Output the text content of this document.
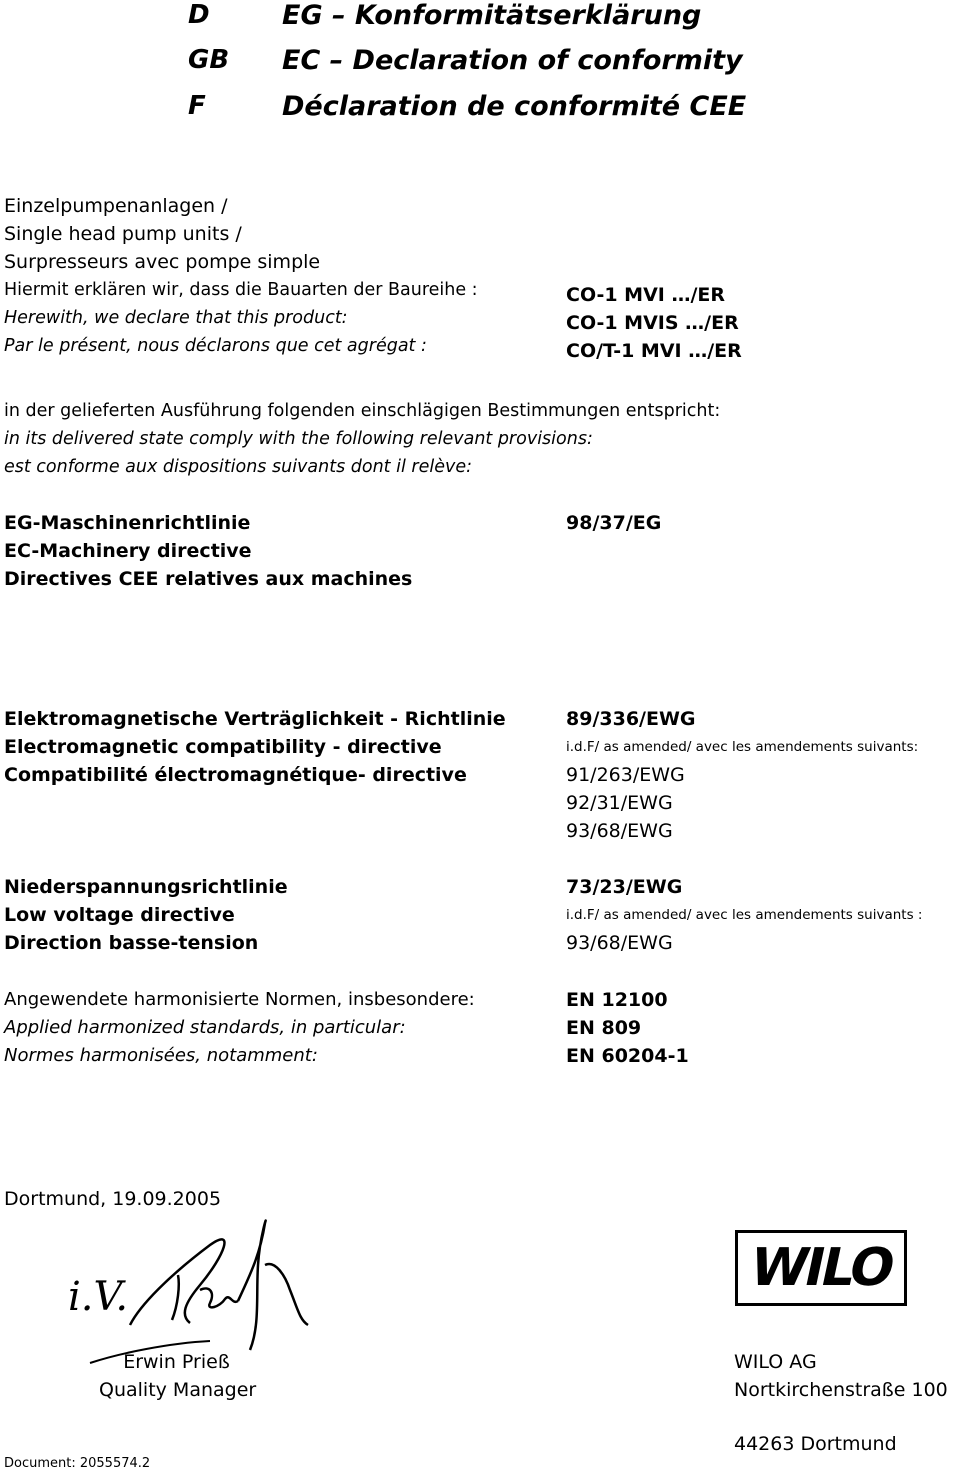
D	EG – Konformitätserklärung
GB EC – Declaration of conformity
F	Déclaration de conformité CEE
Einzelpumpenanlagen /
Single head pump units /
Surpresseurs avec pompe simple
Hiermit erklären wir, dass die Bauarten der Baureihe :
Herewith, we declare that this product:
Par le présent, nous déclarons que cet agrégat :
CO-1 MVI …/ER
CO-1 MVIS …/ER
CO/T-1 MVI …/ER
in der gelieferten Ausführung folgenden einschlägigen Bestimmungen entspricht:
in its delivered state comply with the following relevant provisions:
est conforme aux dispositions suivants dont il relève:
EG-Maschinenrichtlinie
EC-Machinery directive
Directives CEE relatives aux machines
98/37/EG
Elektromagnetische Verträglichkeit - Richtlinie
Electromagnetic compatibility - directive
Compatibilité électromagnétique- directive
89/336/EWG
i.d.F/ as amended/ avec les amendements suivants:
91/263/EWG
92/31/EWG
93/68/EWG
Niederspannungsrichtlinie
Low voltage directive
Direction basse-tension
73/23/EWG
i.d.F/ as amended/ avec les amendements suivants :
93/68/EWG
Angewendete harmonisierte Normen, insbesondere:
Applied harmonized standards, in particular:
Normes harmonisées, notamment:
EN 12100
EN 809
EN 60204-1
Dortmund, 19.09.2005
i.V.
Erwin Prieß
Quality Manager
WILO
WILO AG
Nortkirchenstraße 100
44263 Dortmund
Document: 2055574.2
